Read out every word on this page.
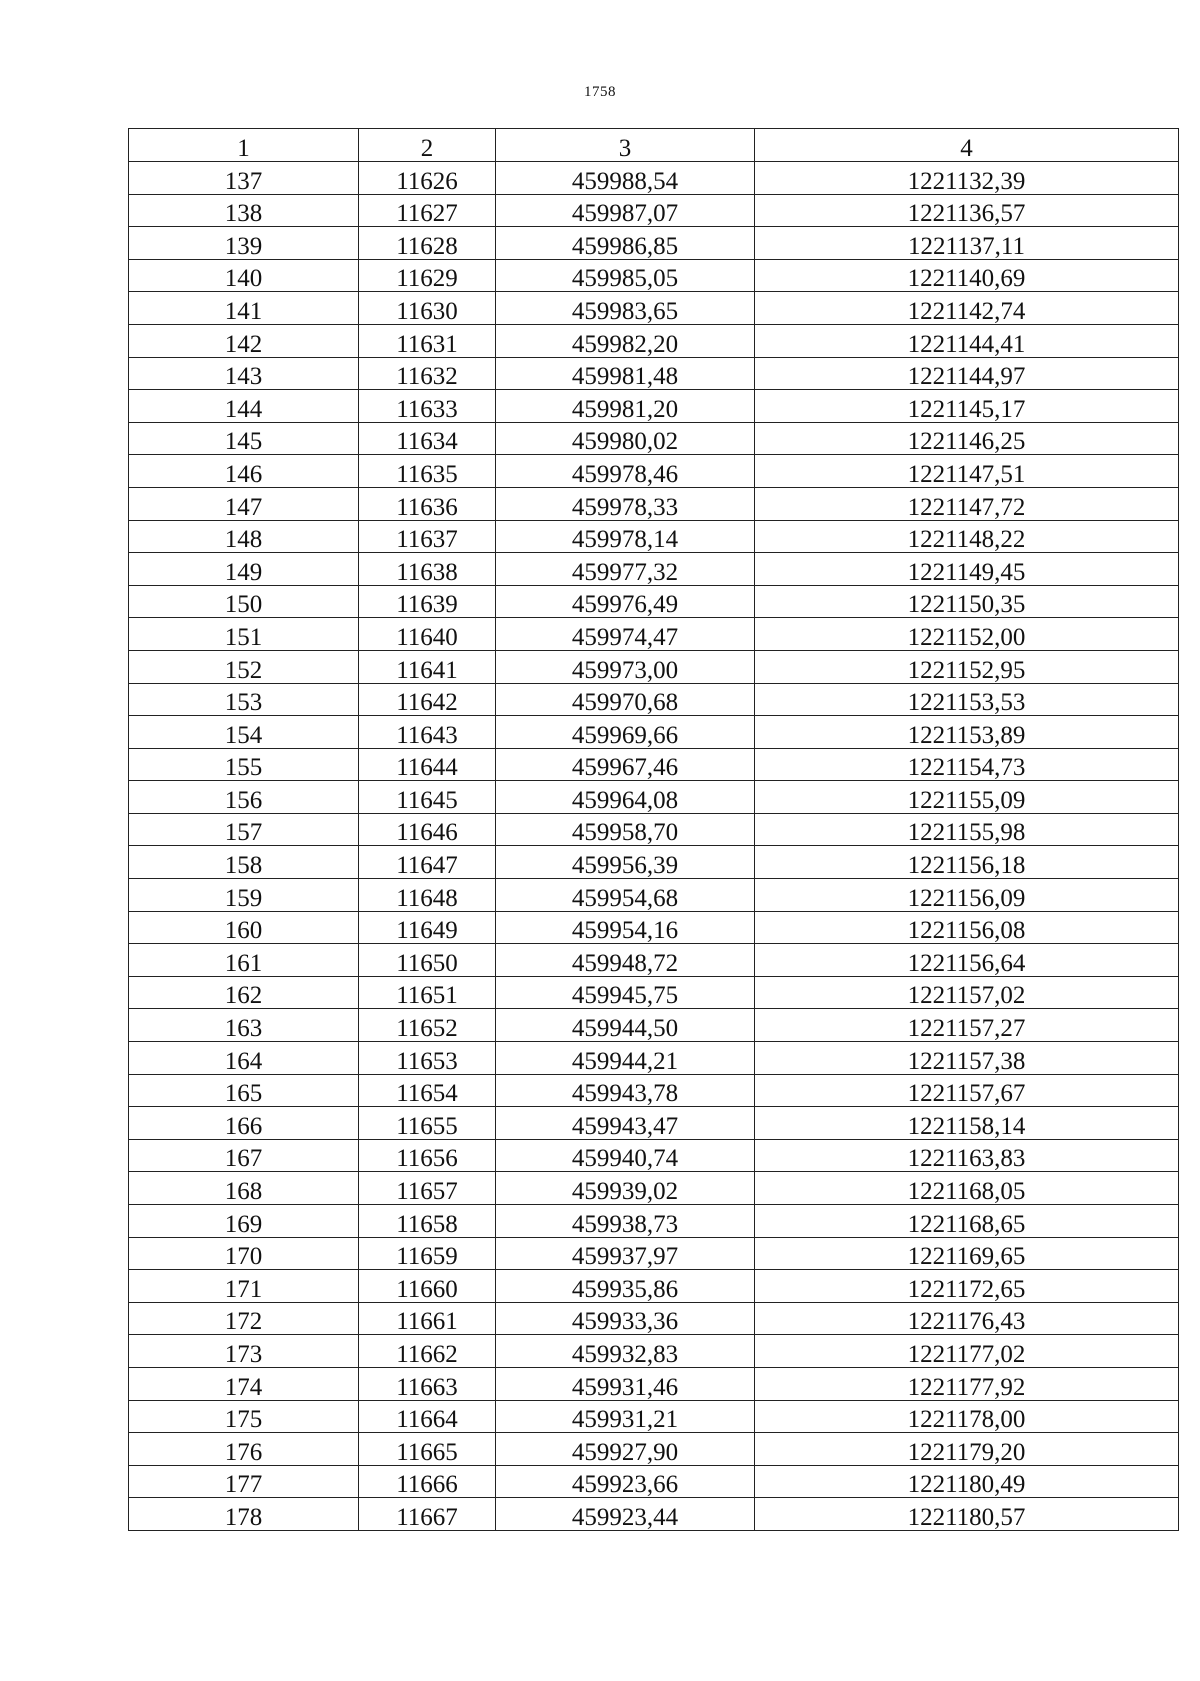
1758
1	2	3	4
137	11626	459988,54	1221132,39
138	11627	459987,07	1221136,57
139	11628	459986,85	1221137,11
140	11629	459985,05	1221140,69
141	11630	459983,65	1221142,74
142	11631	459982,20	1221144,41
143	11632	459981,48	1221144,97
144	11633	459981,20	1221145,17
145	11634	459980,02	1221146,25
146	11635	459978,46	1221147,51
147	11636	459978,33	1221147,72
148	11637	459978,14	1221148,22
149	11638	459977,32	1221149,45
150	11639	459976,49	1221150,35
151	11640	459974,47	1221152,00
152	11641	459973,00	1221152,95
153	11642	459970,68	1221153,53
154	11643	459969,66	1221153,89
155	11644	459967,46	1221154,73
156	11645	459964,08	1221155,09
157	11646	459958,70	1221155,98
158	11647	459956,39	1221156,18
159	11648	459954,68	1221156,09
160	11649	459954,16	1221156,08
161	11650	459948,72	1221156,64
162	11651	459945,75	1221157,02
163	11652	459944,50	1221157,27
164	11653	459944,21	1221157,38
165	11654	459943,78	1221157,67
166	11655	459943,47	1221158,14
167	11656	459940,74	1221163,83
168	11657	459939,02	1221168,05
169	11658	459938,73	1221168,65
170	11659	459937,97	1221169,65
171	11660	459935,86	1221172,65
172	11661	459933,36	1221176,43
173	11662	459932,83	1221177,02
174	11663	459931,46	1221177,92
175	11664	459931,21	1221178,00
176	11665	459927,90	1221179,20
177	11666	459923,66	1221180,49
178	11667	459923,44	1221180,57
